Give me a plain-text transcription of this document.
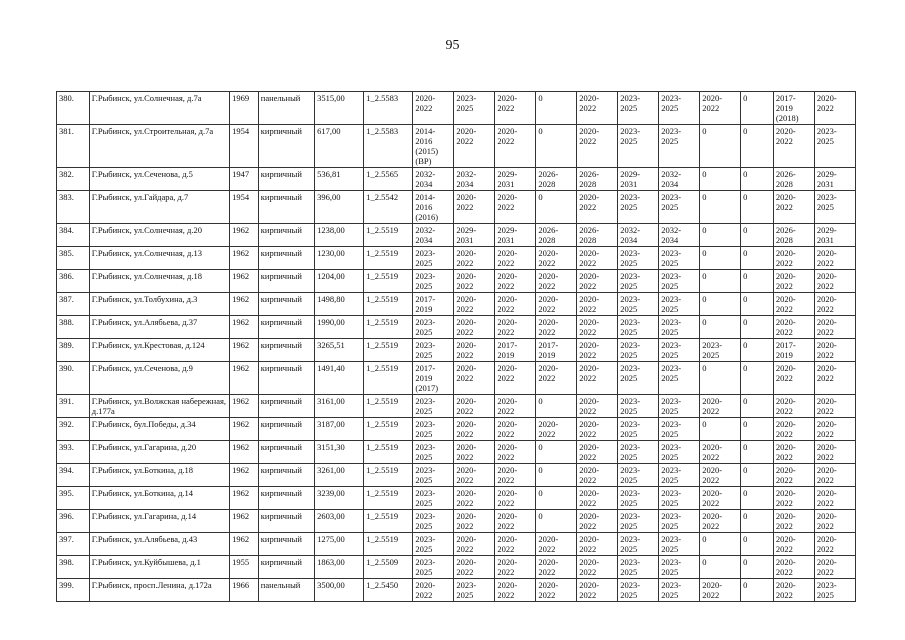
95
380.	Г.Рыбинск, ул.Солнечная, д.7а	1969	панельный	3515,00	1_2.5583	2020-2022	2023-2025	2020-2022	0	2020-2022	2023-2025	2023-2025	2020-2022	0	2017-2019 (2018)	2020-2022
381.	Г.Рыбинск, ул.Строительная, д.7а	1954	кирпичный	617,00	1_2.5583	2014-2016 (2015) (ВР)	2020-2022	2020-2022	0	2020-2022	2023-2025	2023-2025	0	0	2020-2022	2023-2025
382.	Г.Рыбинск, ул.Сеченова, д.5	1947	кирпичный	536,81	1_2.5565	2032-2034	2032-2034	2029-2031	2026-2028	2026-2028	2029-2031	2032-2034	0	0	2026-2028	2029-2031
383.	Г.Рыбинск, ул.Гайдара, д.7	1954	кирпичный	396,00	1_2.5542	2014-2016 (2016)	2020-2022	2020-2022	0	2020-2022	2023-2025	2023-2025	0	0	2020-2022	2023-2025
384.	Г.Рыбинск, ул.Солнечная, д.20	1962	кирпичный	1238,00	1_2.5519	2032-2034	2029-2031	2029-2031	2026-2028	2026-2028	2032-2034	2032-2034	0	0	2026-2028	2029-2031
385.	Г.Рыбинск, ул.Солнечная, д.13	1962	кирпичный	1230,00	1_2.5519	2023-2025	2020-2022	2020-2022	2020-2022	2020-2022	2023-2025	2023-2025	0	0	2020-2022	2020-2022
386.	Г.Рыбинск, ул.Солнечная, д.18	1962	кирпичный	1204,00	1_2.5519	2023-2025	2020-2022	2020-2022	2020-2022	2020-2022	2023-2025	2023-2025	0	0	2020-2022	2020-2022
387.	Г.Рыбинск, ул.Толбухина, д.3	1962	кирпичный	1498,80	1_2.5519	2017-2019	2020-2022	2020-2022	2020-2022	2020-2022	2023-2025	2023-2025	0	0	2020-2022	2020-2022
388.	Г.Рыбинск, ул.Алябьева, д.37	1962	кирпичный	1990,00	1_2.5519	2023-2025	2020-2022	2020-2022	2020-2022	2020-2022	2023-2025	2023-2025	0	0	2020-2022	2020-2022
389.	Г.Рыбинск, ул.Крестовая, д.124	1962	кирпичный	3265,51	1_2.5519	2023-2025	2020-2022	2017-2019	2017-2019	2020-2022	2023-2025	2023-2025	2023-2025	0	2017-2019	2020-2022
390.	Г.Рыбинск, ул.Сеченова, д.9	1962	кирпичный	1491,40	1_2.5519	2017-2019 (2017)	2020-2022	2020-2022	2020-2022	2020-2022	2023-2025	2023-2025	0	0	2020-2022	2020-2022
391.	Г.Рыбинск, ул.Волжская набережная, д.177а	1962	кирпичный	3161,00	1_2.5519	2023-2025	2020-2022	2020-2022	0	2020-2022	2023-2025	2023-2025	2020-2022	0	2020-2022	2020-2022
392.	Г.Рыбинск, бул.Победы, д.34	1962	кирпичный	3187,00	1_2.5519	2023-2025	2020-2022	2020-2022	2020-2022	2020-2022	2023-2025	2023-2025	0	0	2020-2022	2020-2022
393.	Г.Рыбинск, ул.Гагарина, д.20	1962	кирпичный	3151,30	1_2.5519	2023-2025	2020-2022	2020-2022	0	2020-2022	2023-2025	2023-2025	2020-2022	0	2020-2022	2020-2022
394.	Г.Рыбинск, ул.Боткина, д.18	1962	кирпичный	3261,00	1_2.5519	2023-2025	2020-2022	2020-2022	0	2020-2022	2023-2025	2023-2025	2020-2022	0	2020-2022	2020-2022
395.	Г.Рыбинск, ул.Боткина, д.14	1962	кирпичный	3239,00	1_2.5519	2023-2025	2020-2022	2020-2022	0	2020-2022	2023-2025	2023-2025	2020-2022	0	2020-2022	2020-2022
396.	Г.Рыбинск, ул.Гагарина, д.14	1962	кирпичный	2603,00	1_2.5519	2023-2025	2020-2022	2020-2022	0	2020-2022	2023-2025	2023-2025	2020-2022	0	2020-2022	2020-2022
397.	Г.Рыбинск, ул.Алябьева, д.43	1962	кирпичный	1275,00	1_2.5519	2023-2025	2020-2022	2020-2022	2020-2022	2020-2022	2023-2025	2023-2025	0	0	2020-2022	2020-2022
398.	Г.Рыбинск, ул.Куйбышева, д.1	1955	кирпичный	1863,00	1_2.5509	2023-2025	2020-2022	2020-2022	2020-2022	2020-2022	2023-2025	2023-2025	0	0	2020-2022	2020-2022
399.	Г.Рыбинск, просп.Ленина, д.172а	1966	панельный	3500,00	1_2.5450	2020-2022	2023-2025	2020-2022	2020-2022	2020-2022	2023-2025	2023-2025	2020-2022	0	2020-2022	2023-2025
